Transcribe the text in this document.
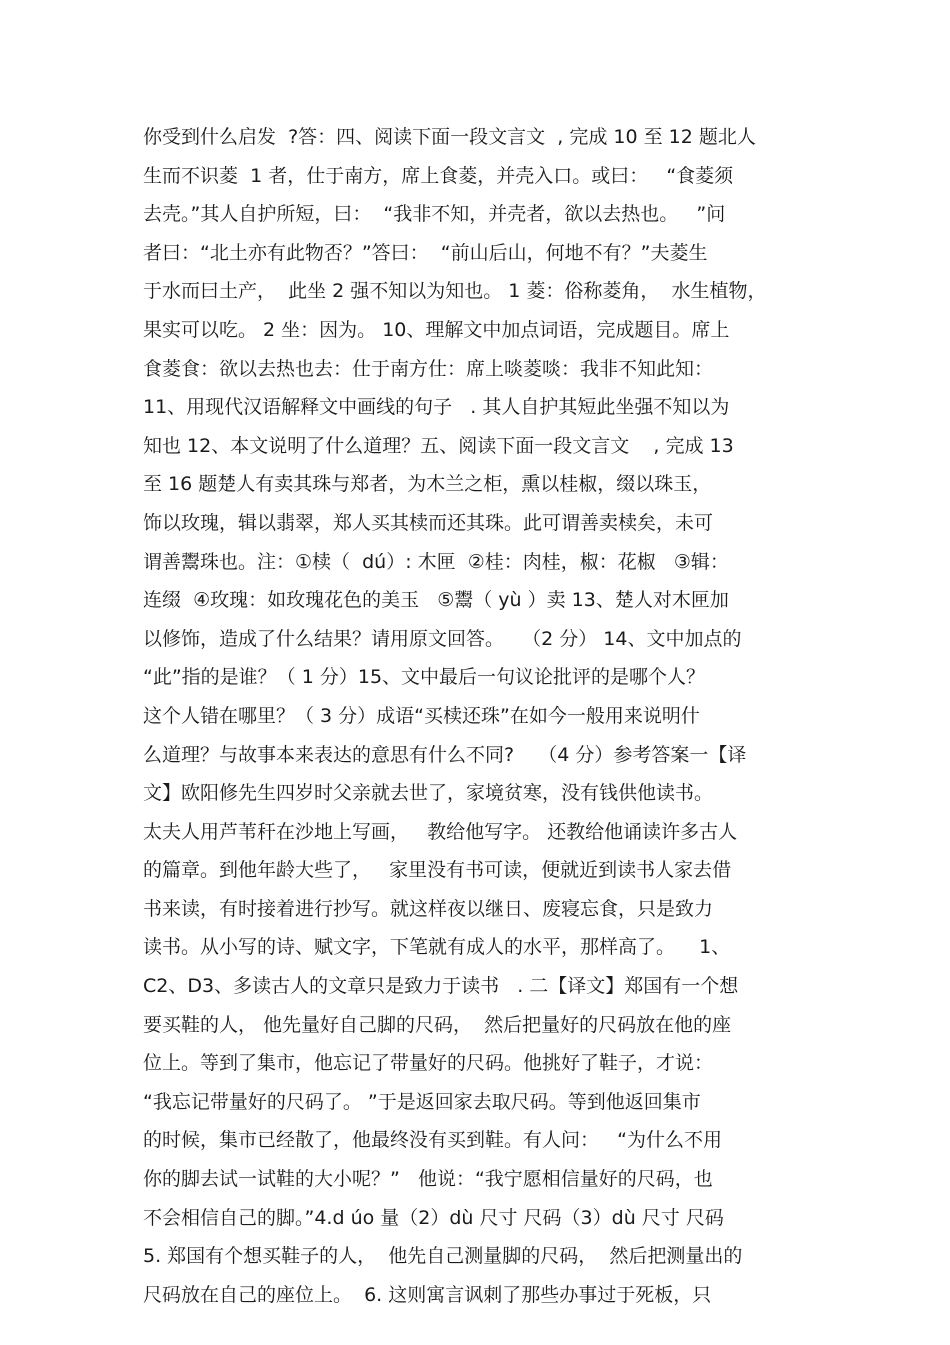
你受到什么启发  ?答：四、阅读下面一段文言文  , 完成 10 至 12 题北人
生而不识菱  1 者，仕于南方，席上食菱，并壳入口。或曰：   “食菱须
去壳。”其人自护所短，曰：  “我非不知，并壳者，欲以去热也。   ”问
者曰：“北土亦有此物否？”答曰：  “前山后山，何地不有？”夫菱生
于水而曰土产，  此坐 2 强不知以为知也。 1 菱：俗称菱角，  水生植物，
果实可以吃。 2 坐：因为。 10、理解文中加点词语，完成题目。席上
食菱食：欲以去热也去：仕于南方仕：席上啖菱啖：我非不知此知：
11、用现代汉语解释文中画线的句子   . 其人自护其短此坐强不知以为
知也 12、本文说明了什么道理？五、阅读下面一段文言文    , 完成 13
至 16 题楚人有卖其珠与郑者，为木兰之柜，熏以桂椒，缀以珠玉，
饰以玫瑰，辑以翡翠，郑人买其椟而还其珠。此可谓善卖椟矣，未可
谓善鬻珠也。注：①椟（  dú）: 木匣  ②桂：肉桂，椒：花椒   ③辑：
连缀  ④玫瑰：如玫瑰花色的美玉   ⑤鬻（ yù ）卖 13、楚人对木匣加
以修饰，造成了什么结果？请用原文回答。   （2 分） 14、文中加点的
“此”指的是谁？（ 1 分）15、文中最后一句议论批评的是哪个人？
这个人错在哪里？（ 3 分）成语“买椟还珠”在如今一般用来说明什
么道理？与故事本来表达的意思有什么不同?    （4 分）参考答案一【译
文】欧阳修先生四岁时父亲就去世了，家境贫寒，没有钱供他读书。
太夫人用芦苇秆在沙地上写画，   教给他写字。 还教给他诵读许多古人
的篇章。到他年龄大些了，   家里没有书可读，便就近到读书人家去借
书来读，有时接着进行抄写。就这样夜以继日、废寝忘食，只是致力
读书。从小写的诗、赋文字，下笔就有成人的水平，那样高了。    1、
C2、D3、多读古人的文章只是致力于读书   . 二【译文】郑国有一个想
要买鞋的人， 他先量好自己脚的尺码，  然后把量好的尺码放在他的座
位上。等到了集市，他忘记了带量好的尺码。他挑好了鞋子，才说：
“我忘记带量好的尺码了。 ”于是返回家去取尺码。等到他返回集市
的时候，集市已经散了，他最终没有买到鞋。有人问：   “为什么不用
你的脚去试一试鞋的大小呢？”   他说：“我宁愿相信量好的尺码，也
不会相信自己的脚。”4.d úo 量（2）dù 尺寸 尺码（3）dù 尺寸 尺码
5. 郑国有个想买鞋子的人，  他先自己测量脚的尺码，  然后把测量出的
尺码放在自己的座位上。  6. 这则寓言讽刺了那些办事过于死板，只
